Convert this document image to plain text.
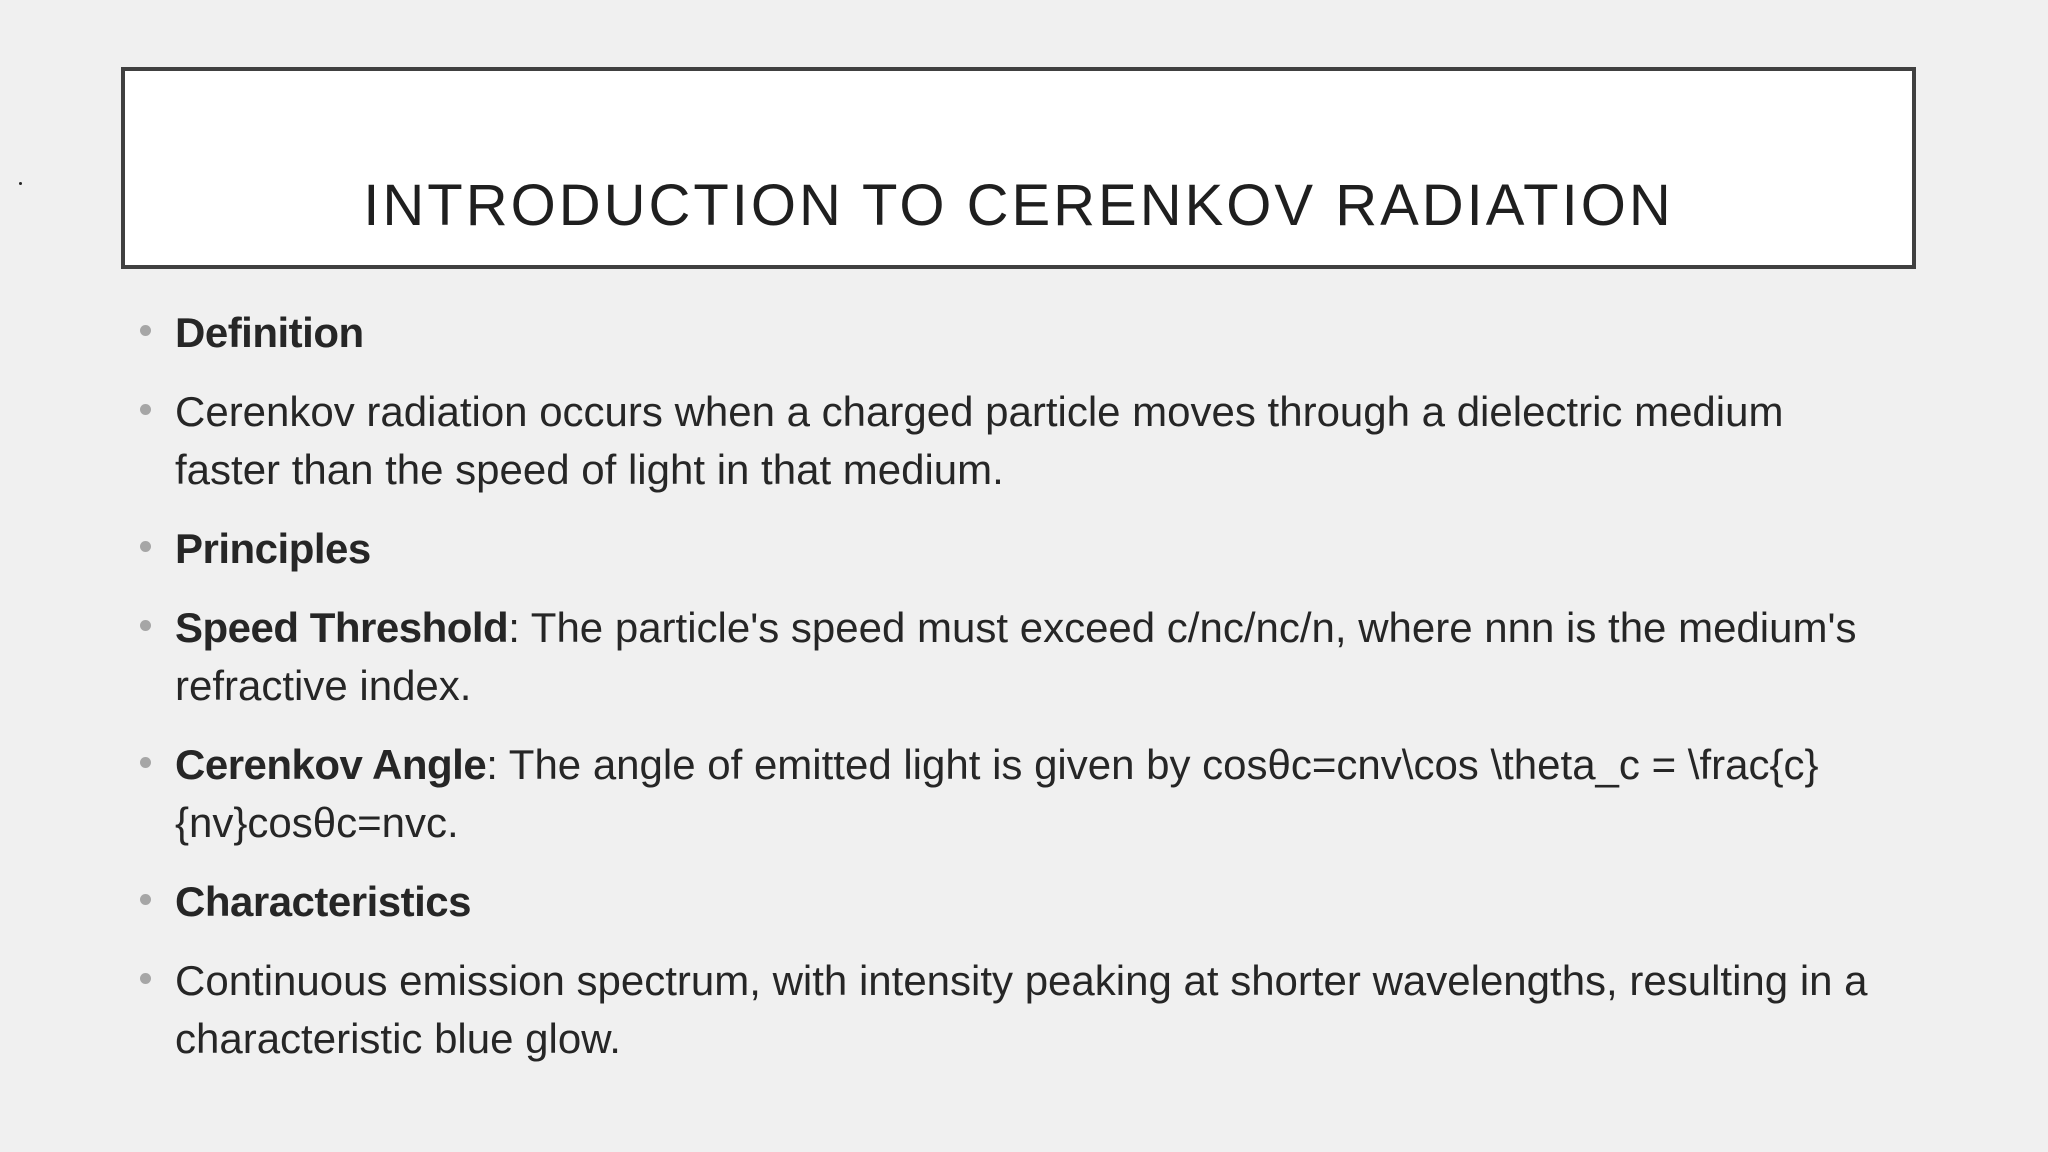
INTRODUCTION TO CERENKOV RADIATION
Definition
Cerenkov radiation occurs when a charged particle moves through a dielectric medium faster than the speed of light in that medium.
Principles
Speed Threshold: The particle's speed must exceed c/nc/nc/n, where nnn is the medium's refractive index.
Cerenkov Angle: The angle of emitted light is given by cosθc=cnv\cos \theta_c = \frac{c}{nv}cosθc=nvc.
Characteristics
Continuous emission spectrum, with intensity peaking at shorter wavelengths, resulting in a characteristic blue glow.
